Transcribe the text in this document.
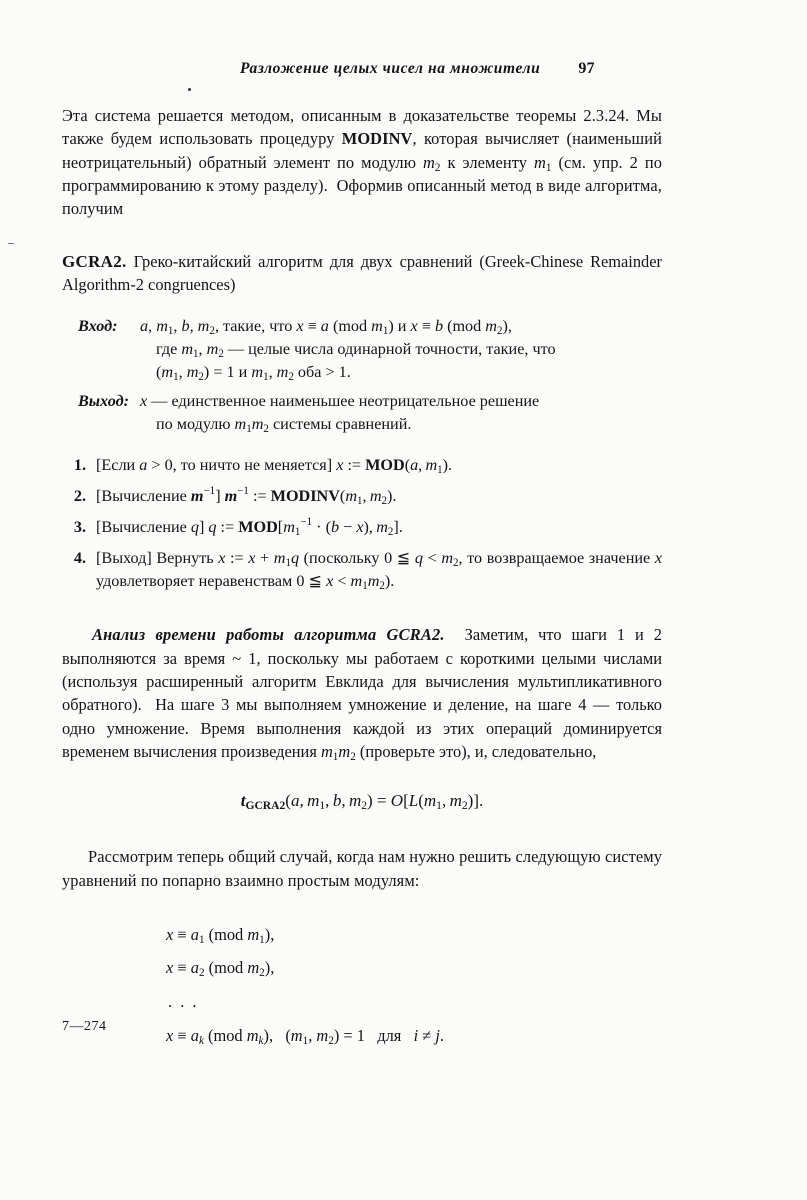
Разложение целых чисел на множители 97

Эта система решается методом, описанным в доказательстве теоремы 2.3.24. Мы также будем использовать процедуру MODINV, которая вычисляет (наименьший неотрицательный) обратный элемент по модулю $m_2$ к элементу $m_1$ (см. упр. 2 по программированию к этому разделу).  Оформив описанный метод в виде алгоритма, получим

GCRA2. Греко-китайский алгоритм для двух сравнений (Greek-Chinese Remainder Algorithm-2 congruences)
Вход:	a, $m_1$, b, $m_2$, такие, что x ≡ a (mod $m_1$) и x ≡ b (mod $m_2$),
где $m_1$, $m_2$ — целые числа одинарной точности, такие, что
($m_1$, $m_2) = 1$ и $m_1$, $m_2$ оба > 1.
Выход: x — единственное наименьшее неотрицательное решение
по модулю $m_1m_2$ системы сравнений.
1. [Если a > 0, то ничто не меняется] x := MOD(a, $m_1$).
2. [Вычисление $m^{-1}$] $m^{-1}$ := $MODINV(m_1$, $m_2$).
3. [Вычисление q] q := $MOD[m_1^{-1} \cdot (b - x)$, $m_2$].
4. [Выход] Вернуть x := $x + m_1q$ (поскольку 0 ≦ $q < m_2$, то возвращаемое значение x удовлетворяет неравенствам 0 ≦ $x < m_1m_2$).

Анализ времени работы алгоритма GCRA2.  Заметим, что шаги 1 и 2 выполняются за время ~ 1, поскольку мы работаем с короткими целыми числами (используя расширенный алгоритм Евклида для вычисления мультипликативного обратного).  На шаге 3 мы выполняем умножение и деление, на шаге 4 — только одно умножение. Время выполнения каждой из этих операций доминируется временем вычисления произведения $m_1m_2$ (проверьте это), и, следовательно,

$t_{GCRA2}(a$, $m_1$, b, $m_2) = O[L(m_1$, $m_2$)].

Рассмотрим теперь общий случай, когда нам нужно решить следующую систему уравнений по попарно взаимно простым модулям:

$x \equiv a_1$ (mod $m_1$),
$x \equiv a_2$ (mod $m_2$),
. . .
$x \equiv a_k$ (mod $m_k$),   ($m_1$, $m_2) = 1$   для   i ≠ j.
7—274
